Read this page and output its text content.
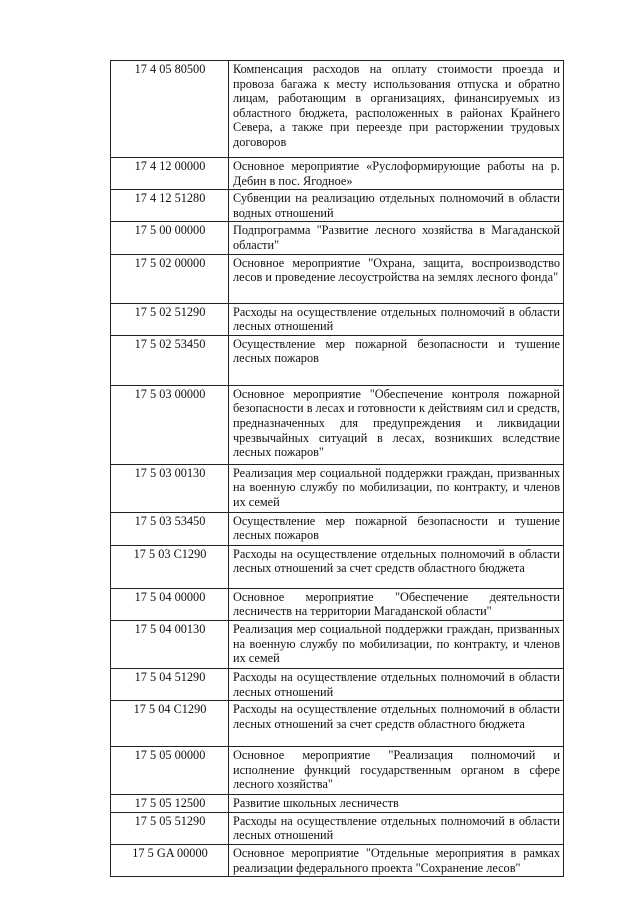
17 4 05 80500	Компенсация расходов на оплату стоимости проезда и провоза багажа к месту использования отпуска и обратно лицам, работающим в организациях, финансируемых из областного бюджета, расположенных в районах Крайнего Севера, а также при переезде при расторжении трудовых договоров
17 4 12 00000	Основное мероприятие «Руслоформирующие работы на р. Дебин в пос. Ягодное»
17 4 12 51280	Субвенции на реализацию отдельных полномочий в области водных отношений
17 5 00 00000	Подпрограмма "Развитие лесного хозяйства в Магаданской области"
17 5 02 00000	Основное мероприятие "Охрана, защита, воспроизводство лесов и проведение лесоустройства на землях лесного фонда"
17 5 02 51290	Расходы на осуществление отдельных полномочий в области лесных отношений
17 5 02 53450	Осуществление мер пожарной безопасности и тушение лесных пожаров
17 5 03 00000	Основное мероприятие "Обеспечение контроля пожарной безопасности в лесах и готовности к действиям сил и средств, предназначенных для предупреждения и ликвидации чрезвычайных ситуаций в лесах, возникших вследствие лесных пожаров"
17 5 03 00130	Реализация мер социальной поддержки граждан, призванных на военную службу по мобилизации, по контракту, и членов их семей
17 5 03 53450	Осуществление мер пожарной безопасности и тушение лесных пожаров
17 5 03 С1290	Расходы на осуществление отдельных полномочий в области лесных отношений за счет средств областного бюджета
17 5 04 00000	Основное мероприятие "Обеспечение деятельности лесничеств на территории Магаданской области"
17 5 04 00130	Реализация мер социальной поддержки граждан, призванных на военную службу по мобилизации, по контракту, и членов их семей
17 5 04 51290	Расходы на осуществление отдельных полномочий в области лесных отношений
17 5 04 С1290	Расходы на осуществление отдельных полномочий в области лесных отношений за счет средств областного бюджета
17 5 05 00000	Основное мероприятие "Реализация полномочий и исполнение функций государственным органом в сфере лесного хозяйства"
17 5 05 12500	Развитие школьных лесничеств
17 5 05 51290	Расходы на осуществление отдельных полномочий в области лесных отношений
17 5 GA 00000	Основное мероприятие "Отдельные мероприятия в рамках реализации федерального проекта "Сохранение лесов"
